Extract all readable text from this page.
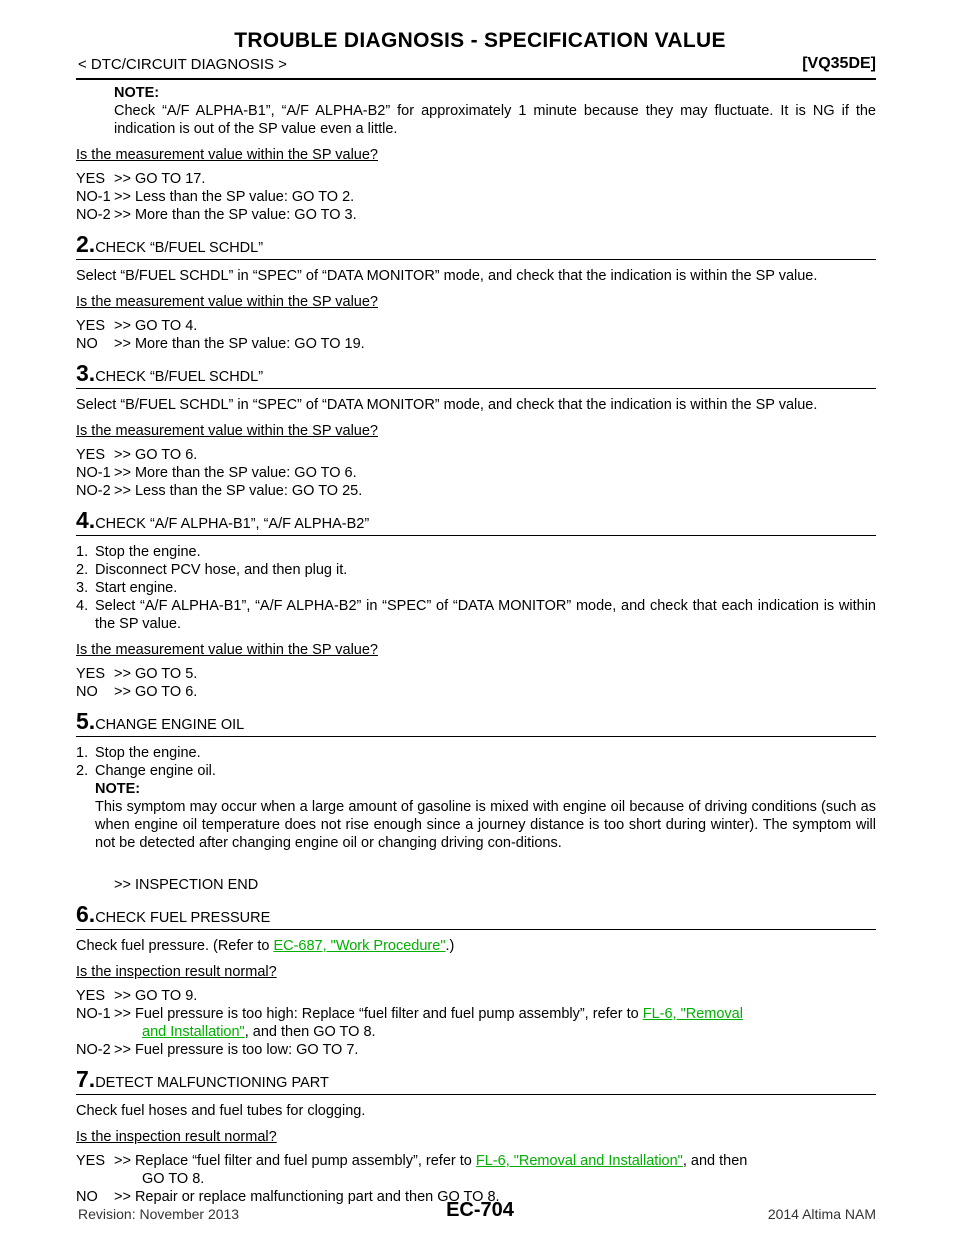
TROUBLE DIAGNOSIS - SPECIFICATION VALUE
< DTC/CIRCUIT DIAGNOSIS >	[VQ35DE]
NOTE:
Check “A/F ALPHA-B1”, “A/F ALPHA-B2” for approximately 1 minute because they may fluctuate. It is NG if the indication is out of the SP value even a little.
Is the measurement value within the SP value?
YES >> GO TO 17.
NO-1 >> Less than the SP value: GO TO 2.
NO-2 >> More than the SP value: GO TO 3.
2. CHECK “B/FUEL SCHDL”
Select “B/FUEL SCHDL” in “SPEC” of “DATA MONITOR” mode, and check that the indication is within the SP value.
Is the measurement value within the SP value?
YES >> GO TO 4.
NO	>> More than the SP value: GO TO 19.
3. CHECK “B/FUEL SCHDL”
Select “B/FUEL SCHDL” in “SPEC” of “DATA MONITOR” mode, and check that the indication is within the SP value.
Is the measurement value within the SP value?
YES >> GO TO 6.
NO-1 >> More than the SP value: GO TO 6.
NO-2 >> Less than the SP value: GO TO 25.
4. CHECK “A/F ALPHA-B1”, “A/F ALPHA-B2”
1. Stop the engine.
2. Disconnect PCV hose, and then plug it.
3. Start engine.
4. Select “A/F ALPHA-B1”, “A/F ALPHA-B2” in “SPEC” of “DATA MONITOR” mode, and check that each indication is within the SP value.
Is the measurement value within the SP value?
YES >> GO TO 5.
NO	>> GO TO 6.
5. CHANGE ENGINE OIL
1. Stop the engine.
2. Change engine oil.
NOTE:
This symptom may occur when a large amount of gasoline is mixed with engine oil because of driving conditions (such as when engine oil temperature does not rise enough since a journey distance is too short during winter). The symptom will not be detected after changing engine oil or changing driving con-ditions.
>> INSPECTION END
6. CHECK FUEL PRESSURE
Check fuel pressure. (Refer to EC-687, "Work Procedure".)
Is the inspection result normal?
YES >> GO TO 9.
NO-1 >> Fuel pressure is too high: Replace “fuel filter and fuel pump assembly”, refer to FL-6, "Removal
and Installation", and then GO TO 8.
NO-2 >> Fuel pressure is too low: GO TO 7.
7. DETECT MALFUNCTIONING PART
Check fuel hoses and fuel tubes for clogging.
Is the inspection result normal?
YES >> Replace “fuel filter and fuel pump assembly”, refer to FL-6, "Removal and Installation", and then
GO TO 8.
NO	>> Repair or replace malfunctioning part and then GO TO 8.
Revision: November 2013	EC-704	2014 Altima NAM
